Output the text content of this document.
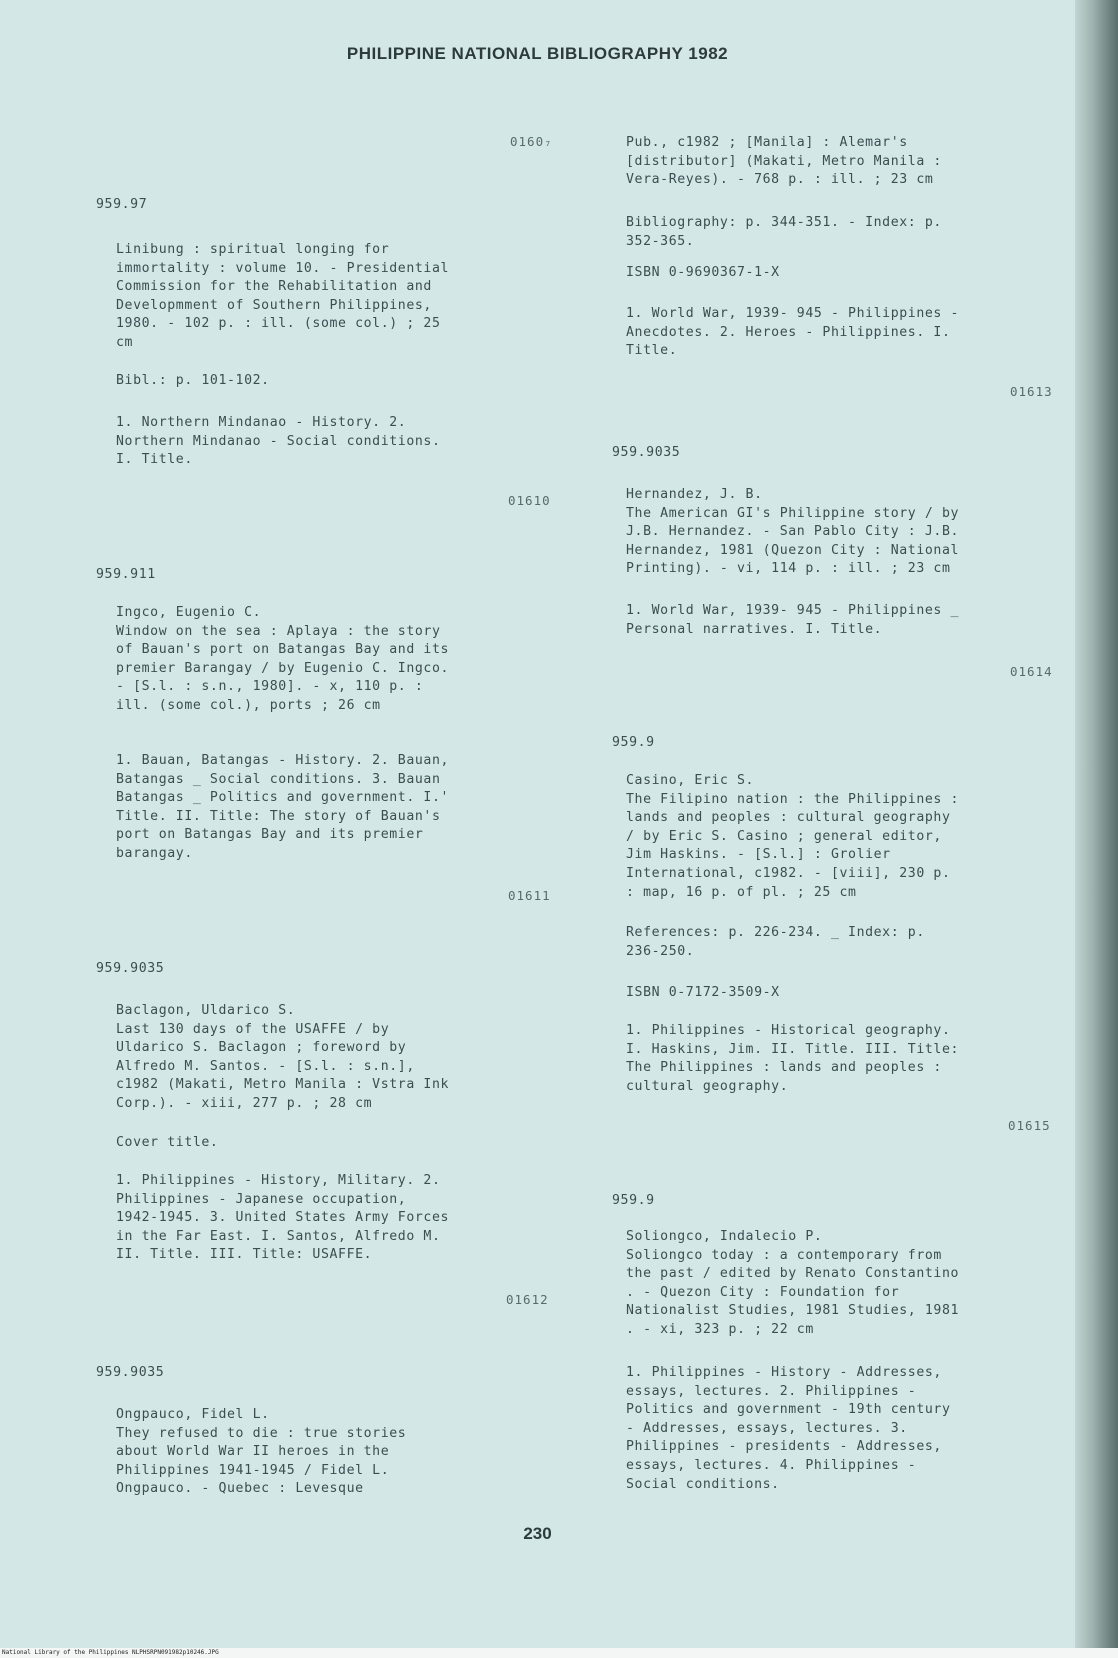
PHILIPPINE NATIONAL BIBLIOGRAPHY 1982
0160₇
959.97
Linibung : spiritual longing for
immortality : volume 10. - Presidential
Commission for the Rehabilitation and
Developmment of Southern Philippines,
1980. - 102 p. : ill. (some col.) ; 25
cm
Bibl.: p. 101-102.
1. Northern Mindanao - History. 2.
Northern Mindanao - Social conditions.
I. Title.
01610
959.911
Ingco, Eugenio C.
Window on the sea : Aplaya : the story
of Bauan's port on Batangas Bay and its
premier Barangay / by Eugenio C. Ingco.
- [S.l. : s.n., 1980]. - x, 110 p. :
ill. (some col.), ports ; 26 cm
1. Bauan, Batangas - History. 2. Bauan,
Batangas _ Social conditions. 3. Bauan
Batangas _ Politics and government. I.'
Title. II. Title: The story of Bauan's
port on Batangas Bay and its premier
barangay.
01611
959.9035
Baclagon, Uldarico S.
Last 130 days of the USAFFE / by
Uldarico S. Baclagon ; foreword by
Alfredo M. Santos. - [S.l. : s.n.],
c1982 (Makati, Metro Manila : Vstra Ink
Corp.). - xiii, 277 p. ; 28 cm
Cover title.
1. Philippines - History, Military. 2.
Philippines - Japanese occupation,
1942-1945. 3. United States Army Forces
in the Far East. I. Santos, Alfredo M.
II. Title. III. Title: USAFFE.
01612
959.9035
Ongpauco, Fidel L.
They refused to die : true stories
about World War II heroes in the
Philippines 1941-1945 / Fidel L.
Ongpauco. - Quebec : Levesque
Pub., c1982 ; [Manila] : Alemar's
[distributor] (Makati, Metro Manila :
Vera-Reyes). - 768 p. : ill. ; 23 cm
Bibliography: p. 344-351. - Index: p.
352-365.
ISBN 0-9690367-1-X
1. World War, 1939- 945 - Philippines -
Anecdotes. 2. Heroes - Philippines. I.
Title.
01613
959.9035
Hernandez, J. B.
The American GI's Philippine story / by
J.B. Hernandez. - San Pablo City : J.B.
Hernandez, 1981 (Quezon City : National
Printing). - vi, 114 p. : ill. ; 23 cm
1. World War, 1939- 945 - Philippines _
Personal narratives. I. Title.
01614
959.9
Casino, Eric S.
The Filipino nation : the Philippines :
lands and peoples : cultural geography
/ by Eric S. Casino ; general editor,
Jim Haskins. - [S.l.] : Grolier
International, c1982. - [viii], 230 p.
: map, 16 p. of pl. ; 25 cm
References: p. 226-234. _ Index: p.
236-250.
ISBN 0-7172-3509-X
1. Philippines - Historical geography.
I. Haskins, Jim. II. Title. III. Title:
The Philippines : lands and peoples :
cultural geography.
01615
959.9
Soliongco, Indalecio P.
Soliongco today : a contemporary from
the past / edited by Renato Constantino
. - Quezon City : Foundation for
Nationalist Studies, 1981 Studies, 1981
. - xi, 323 p. ; 22 cm
1. Philippines - History - Addresses,
essays, lectures. 2. Philippines -
Politics and government - 19th century
- Addresses, essays, lectures. 3.
Philippines - presidents - Addresses,
essays, lectures. 4. Philippines -
Social conditions.
230
National Library of the Philippines NLPHSRPN091982p10246.JPG
